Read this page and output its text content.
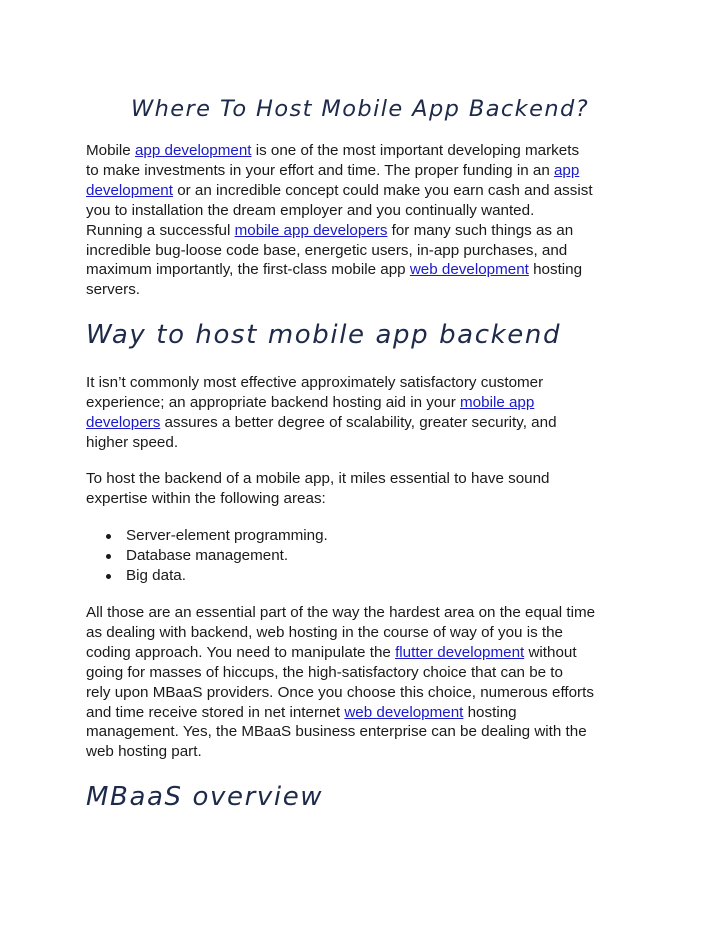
Where To Host Mobile App Backend?

Mobile app development is one of the most important developing markets
to make investments in your effort and time. The proper funding in an app
development or an incredible concept could make you earn cash and assist
you to installation the dream employer and you continually wanted.
Running a successful mobile app developers for many such things as an
incredible bug-loose code base, energetic users, in-app purchases, and
maximum importantly, the first-class mobile app web development hosting
servers.

Way to host mobile app backend

It isn’t commonly most effective approximately satisfactory customer
experience; an appropriate backend hosting aid in your mobile app
developers assures a better degree of scalability, greater security, and
higher speed.

To host the backend of a mobile app, it miles essential to have sound
expertise within the following areas:

Server-element programming.
Database management.
Big data.

All those are an essential part of the way the hardest area on the equal time
as dealing with backend, web hosting in the course of way of you is the
coding approach. You need to manipulate the flutter development without
going for masses of hiccups, the high-satisfactory choice that can be to
rely upon MBaaS providers. Once you choose this choice, numerous efforts
and time receive stored in net internet web development hosting
management. Yes, the MBaaS business enterprise can be dealing with the
web hosting part.

MBaaS overview
